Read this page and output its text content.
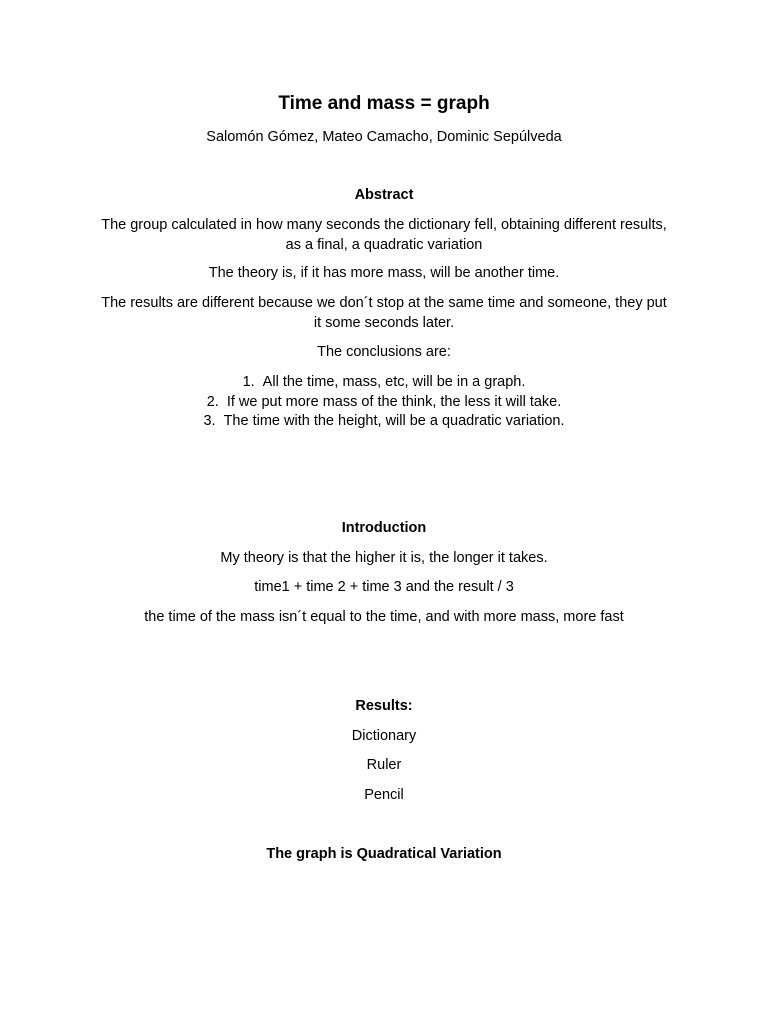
Time and mass = graph
Salomón Gómez, Mateo Camacho, Dominic Sepúlveda
Abstract
The group calculated in how many seconds the dictionary fell, obtaining different results, as a final, a quadratic variation
The theory is, if it has more mass, will be another time.
The results are different because we don´t stop at the same time and someone, they put it some seconds later.
The conclusions are:
1. All the time, mass, etc, will be in a graph.
2. If we put more mass of the think, the less it will take.
3. The time with the height, will be a quadratic variation.
Introduction
My theory is that the higher it is, the longer it takes.
time1 + time 2 + time 3 and the result / 3
the time of the mass isn´t equal to the time, and with more mass, more fast
Results:
Dictionary
Ruler
Pencil
The graph is Quadratical Variation
